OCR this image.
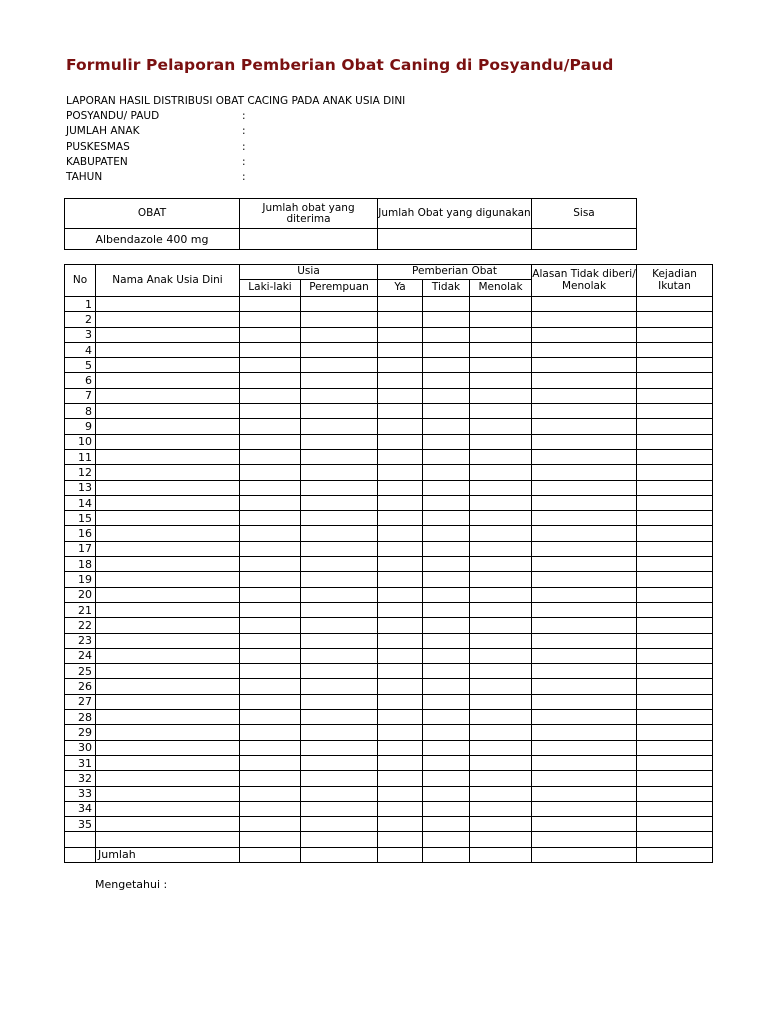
Formulir Pelaporan Pemberian Obat Caning di Posyandu/Paud
LAPORAN HASIL DISTRIBUSI OBAT CACING PADA ANAK USIA DINI
POSYANDU/ PAUD	:
JUMLAH ANAK	:
PUSKESMAS	:
KABUPATEN	:
TAHUN	:
OBAT	Jumlah obat yang diterima	Jumlah Obat yang digunakan	Sisa
Albendazole 400 mg			
No	Nama Anak Usia Dini	Usia		Pemberian Obat			Alasan Tidak diberi/ Menolak	Kejadian Ikutan
		Laki-laki	Perempuan	Ya	Tidak	Menolak		
1								
2								
3								
4								
5								
6								
7								
8								
9								
10								
11								
12								
13								
14								
15								
16								
17								
18								
19								
20								
21								
22								
23								
24								
25								
26								
27								
28								
29								
30								
31								
32								
33								
34								
35								

	Jumlah							
Mengetahui :
